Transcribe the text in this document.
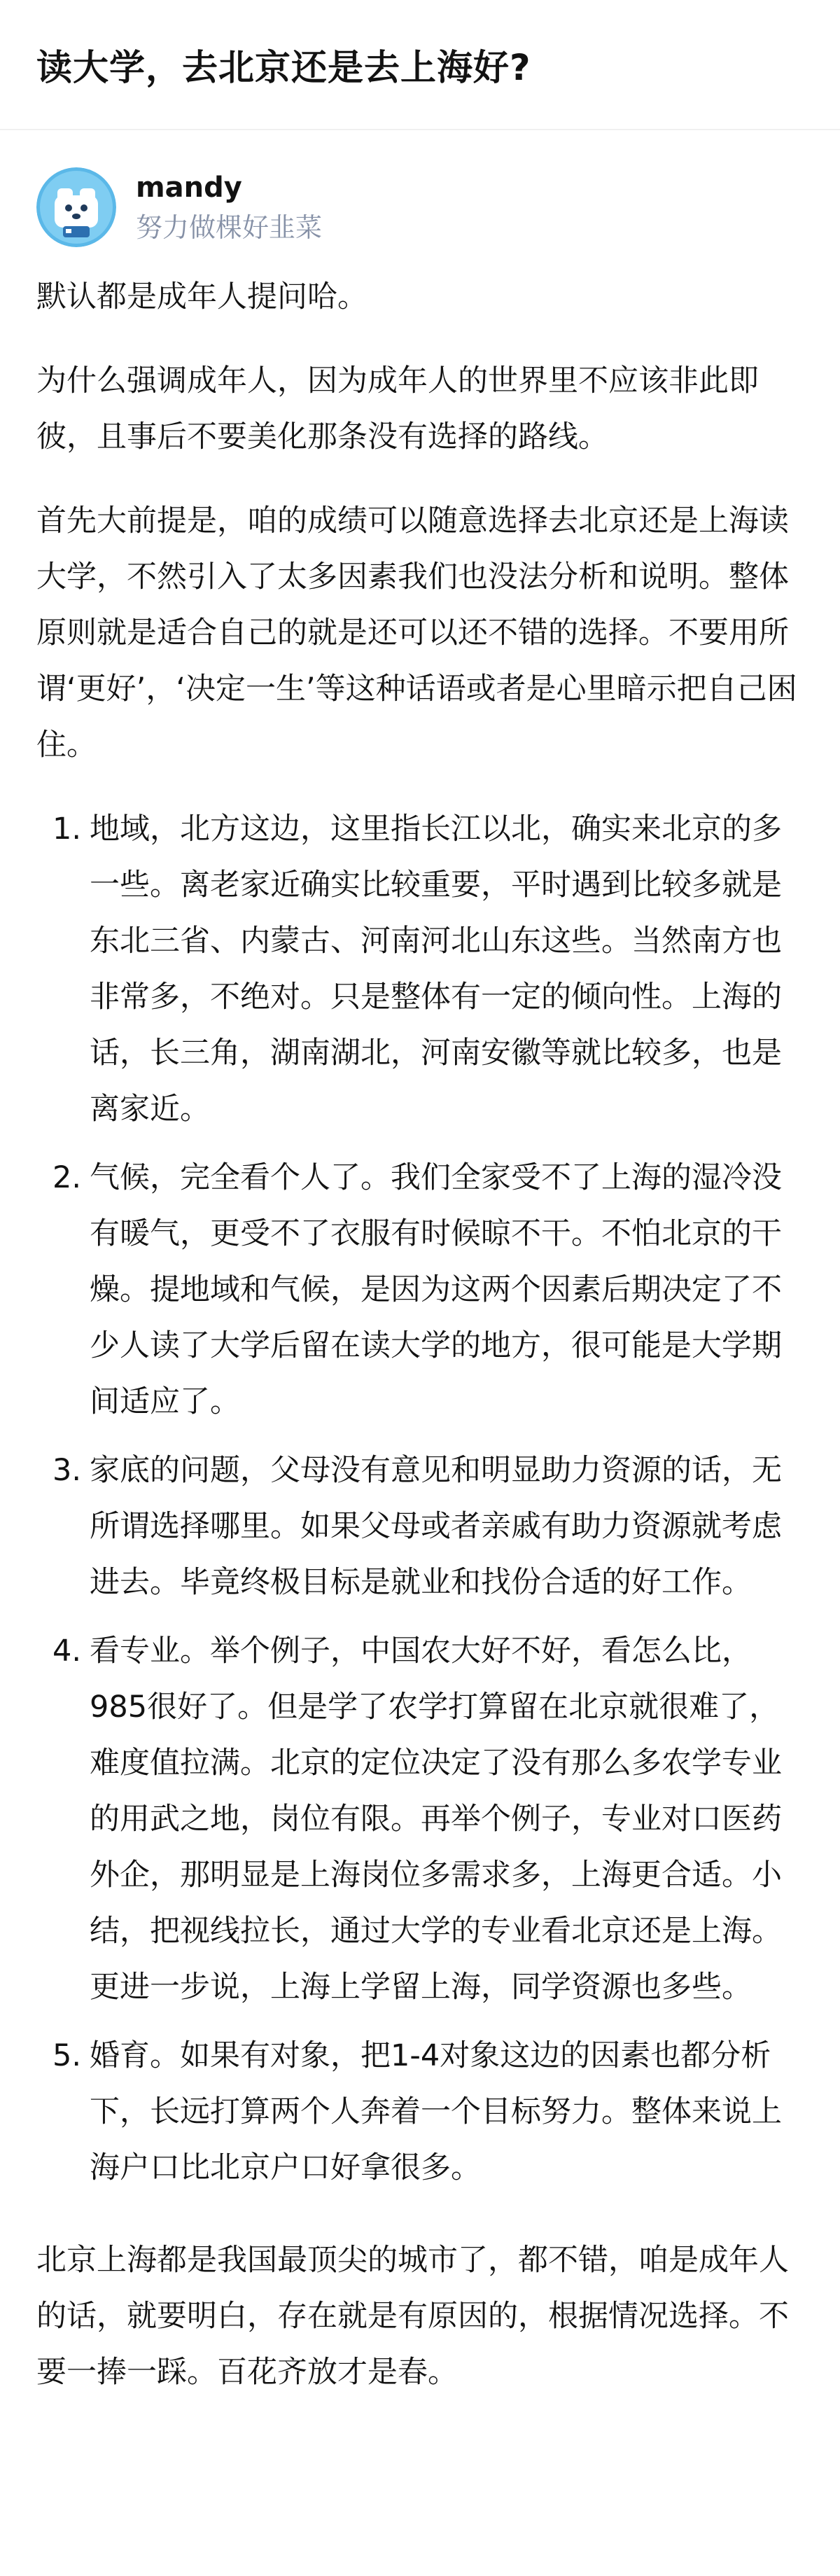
读大学，去北京还是去上海好?
mandy
努力做棵好韭菜

默认都是成年人提问哈。

为什么强调成年人，因为成年人的世界里不应该非此即彼，且事后不要美化那条没有选择的路线。

首先大前提是，咱的成绩可以随意选择去北京还是上海读大学，不然引入了太多因素我们也没法分析和说明。整体原则就是适合自己的就是还可以还不错的选择。不要用所谓‘更好’，‘决定一生’等这种话语或者是心里暗示把自己困住。

1. 地域，北方这边，这里指长江以北，确实来北京的多一些。离老家近确实比较重要，平时遇到比较多就是东北三省、内蒙古、河南河北山东这些。当然南方也非常多，不绝对。只是整体有一定的倾向性。上海的话，长三角，湖南湖北，河南安徽等就比较多，也是离家近。
2. 气候，完全看个人了。我们全家受不了上海的湿冷没有暖气，更受不了衣服有时候晾不干。不怕北京的干燥。提地域和气候，是因为这两个因素后期决定了不少人读了大学后留在读大学的地方，很可能是大学期间适应了。
3. 家底的问题，父母没有意见和明显助力资源的话，无所谓选择哪里。如果父母或者亲戚有助力资源就考虑进去。毕竟终极目标是就业和找份合适的好工作。
4. 看专业。举个例子，中国农大好不好，看怎么比，985很好了。但是学了农学打算留在北京就很难了，难度值拉满。北京的定位决定了没有那么多农学专业的用武之地，岗位有限。再举个例子，专业对口医药外企，那明显是上海岗位多需求多，上海更合适。小结，把视线拉长，通过大学的专业看北京还是上海。更进一步说，上海上学留上海，同学资源也多些。
5. 婚育。如果有对象，把1-4对象这边的因素也都分析下，长远打算两个人奔着一个目标努力。整体来说上海户口比北京户口好拿很多。

北京上海都是我国最顶尖的城市了，都不错，咱是成年人的话，就要明白，存在就是有原因的，根据情况选择。不要一捧一踩。百花齐放才是春。
